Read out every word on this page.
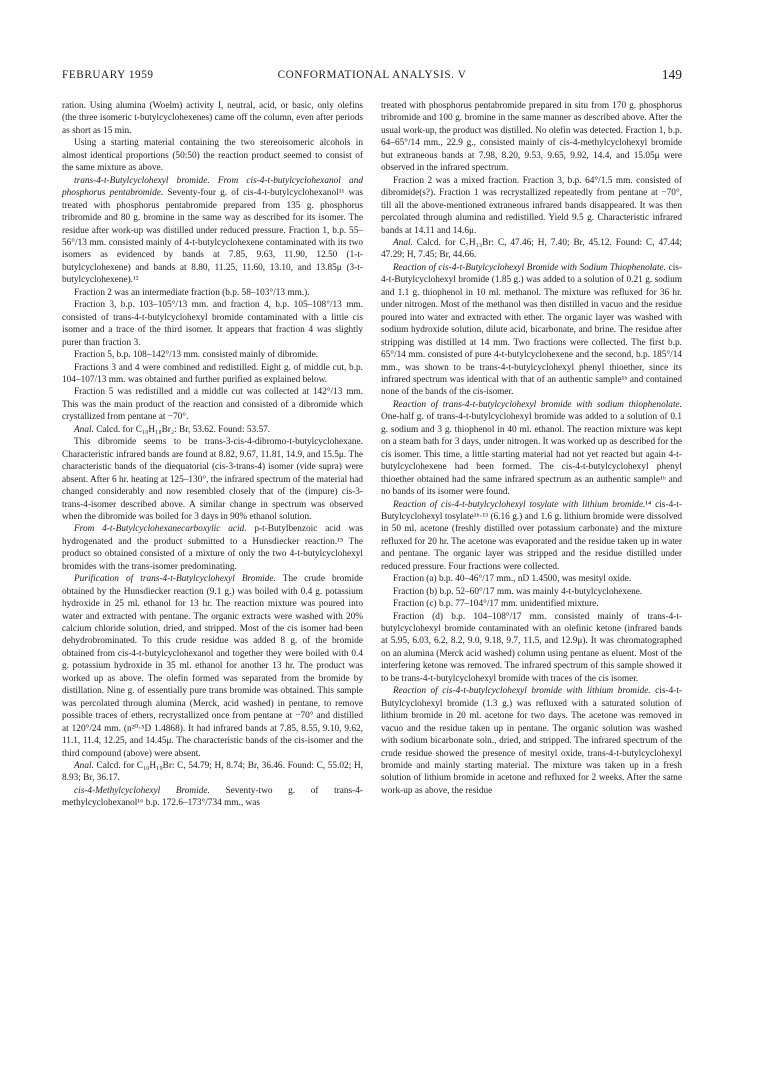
FEBRUARY 1959	CONFORMATIONAL ANALYSIS. V	149

ration. Using alumina (Woelm) activity I, neutral, acid, or basic, only olefins (the three isomeric t-butylcyclohexenes) came off the column, even after periods as short as 15 min.

Using a starting material containing the two stereoisomeric alcohols in almost identical proportions (50:50) the reaction product seemed to consist of the same mixture as above.

trans-4-t-Butylcyclohexyl bromide. From cis-4-t-butylcyclohexanol and phosphorus pentabromide. Seventy-four g. of cis-4-t-butylcyclohexanol¹¹ was treated with phosphorus pentabromide prepared from 135 g. phosphorus tribromide and 80 g. bromine in the same way as described for its isomer. The residue after work-up was distilled under reduced pressure. Fraction 1, b.p. 55–56°/13 mm. consisted mainly of 4-t-butylcyclohexene contaminated with its two isomers as evidenced by bands at 7.85, 9.63, 11.90, 12.50 (1-t-butylcyclohexene) and bands at 8.80, 11.25, 11.60, 13.10, and 13.85μ (3-t-butylcyclohexene).¹²

Fraction 2 was an intermediate fraction (b.p. 58–103°/13 mm.).

Fraction 3, b.p. 103–105°/13 mm. and fraction 4, b.p. 105–108°/13 mm. consisted of trans-4-t-butylcyclohexyl bromide contaminated with a little cis isomer and a trace of the third isomer. It appears that fraction 4 was slightly purer than fraction 3.

Fraction 5, b.p. 108–142°/13 mm. consisted mainly of dibromide.

Fractions 3 and 4 were combined and redistilled. Eight g. of middle cut, b.p. 104–107/13 mm. was obtained and further purified as explained below.

Fraction 5 was redistilled and a middle cut was collected at 142°/13 mm. This was the main product of the reaction and consisted of a dibromide which crystallized from pentane at −70°.

Anal. Calcd. for C₁₀H₁₈Br₂: Br, 53.62. Found: 53.57.

This dibromide seems to be trans-3-cis-4-dibromo-t-butylcyclohexane. Characteristic infrared bands are found at 8.82, 9.67, 11.81, 14.9, and 15.5μ. The characteristic bands of the diequatorial (cis-3-trans-4) isomer (vide supra) were absent. After 6 hr. heating at 125–130°, the infrared spectrum of the material had changed considerably and now resembled closely that of the (impure) cis-3-trans-4-isomer described above. A similar change in spectrum was observed when the dibromide was boiled for 3 days in 90% ethanol solution.

From 4-t-Butylcyclohexanecarboxylic acid. p-t-Butylbenzoic acid was hydrogenated and the product submitted to a Hunsdiecker reaction.¹⁵ The product so obtained consisted of a mixture of only the two 4-t-butylcyclohexyl bromides with the trans-isomer predominating.

Purification of trans-4-t-Butylcyclohexyl Bromide. The crude bromide obtained by the Hunsdiecker reaction (9.1 g.) was boiled with 0.4 g. potassium hydroxide in 25 ml. ethanol for 13 hr. The reaction mixture was poured into water and extracted with pentane. The organic extracts were washed with 20% calcium chloride solution, dried, and stripped. Most of the cis isomer had been dehydrobrominated. To this crude residue was added 8 g. of the bromide obtained from cis-4-t-butylcyclohexanol and together they were boiled with 0.4 g. potassium hydroxide in 35 ml. ethanol for another 13 hr. The product was worked up as above. The olefin formed was separated from the bromide by distillation. Nine g. of essentially pure trans bromide was obtained. This sample was percolated through alumina (Merck, acid washed) in pentane, to remove possible traces of ethers, recrystallized once from pentane at −70° and distilled at 120°/24 mm. (n²⁰·⁵D 1.4868). It had infrared bands at 7.85, 8.55, 9.10, 9.62, 11.1, 11.4, 12.25, and 14.45μ. The characteristic bands of the cis-isomer and the third compound (above) were absent.

Anal. Calcd. for C₁₀H₁₉Br: C, 54.79; H, 8.74; Br, 36.46. Found: C, 55.02; H, 8.93; Br, 36.17.

cis-4-Methylcyclohexyl Bromide. Seventy-two g. of trans-4-methylcyclohexanol¹⁶ b.p. 172.6–173°/734 mm., was

treated with phosphorus pentabromide prepared in situ from 170 g. phosphorus tribromide and 100 g. bromine in the same manner as described above. After the usual work-up, the product was distilled. No olefin was detected. Fraction 1, b.p. 64–65°/14 mm., 22.9 g., consisted mainly of cis-4-methylcyclohexyl bromide but extraneous bands at 7.98, 8.20, 9.53, 9.65, 9.92, 14.4, and 15.05μ were observed in the infrared spectrum.

Fraction 2 was a mixed fraction. Fraction 3, b.p. 64°/1.5 mm. consisted of dibromide(s?). Fraction 1 was recrystallized repeatedly from pentane at −70°, till all the above-mentioned extraneous infrared bands disappeared. It was then percolated through alumina and redistilled. Yield 9.5 g. Characteristic infrared bands at 14.11 and 14.6μ.

Anal. Calcd. for C₇H₁₃Br: C, 47.46; H, 7.40; Br, 45.12. Found: C, 47.44; 47.29; H, 7.45; Br, 44.66.

Reaction of cis-4-t-Butylcyclohexyl Bromide with Sodium Thiophenolate. cis-4-t-Butylcyclohexyl bromide (1.85 g.) was added to a solution of 0.21 g. sodium and 1.1 g. thiophenol in 10 ml. methanol. The mixture was refluxed for 36 hr. under nitrogen. Most of the methanol was then distilled in vacuo and the residue poured into water and extracted with ether. The organic layer was washed with sodium hydroxide solution, dilute acid, bicarbonate, and brine. The residue after stripping was distilled at 14 mm. Two fractions were collected. The first b.p. 65°/14 mm. consisted of pure 4-t-butylcyclohexene and the second, b.p. 185°/14 mm., was shown to be trans-4-t-butylcyclohexyl phenyl thioether, since its infrared spectrum was identical with that of an authentic sample¹ᵇ and contained none of the bands of the cis-isomer.

Reaction of trans-4-t-butylcyclohexyl bromide with sodium thiophenolate. One-half g. of trans-4-t-butylcyclohexyl bromide was added to a solution of 0.1 g. sodium and 3 g. thiophenol in 40 ml. ethanol. The reaction mixture was kept on a steam bath for 3 days, under nitrogen. It was worked up as described for the cis isomer. This time, a little starting material had not yet reacted but again 4-t-butylcyclohexene had been formed. The cis-4-t-butylcyclohexyl phenyl thioether obtained had the same infrared spectrum as an authentic sample¹ᵇ and no bands of its isomer were found.

Reaction of cis-4-t-butylcyclohexyl tosylate with lithium bromide.¹⁴ cis-4-t-Butylcyclohexyl tosylate¹ᵇ·¹³ (6.16 g.) and 1.6 g. lithium bromide were dissolved in 50 ml. acetone (freshly distilled over potassium carbonate) and the mixture refluxed for 20 hr. The acetone was evaporated and the residue taken up in water and pentane. The organic layer was stripped and the residue distilled under reduced pressure. Four fractions were collected.

Fraction (a) b.p. 40–46°/17 mm., nD 1.4500, was mesityl oxide.

Fraction (b) b.p. 52–60°/17 mm. was mainly 4-t-butylcyclohexene.

Fraction (c) b.p. 77–104°/17 mm. unidentified mixture.

Fraction (d) b.p. 104–108°/17 mm. consisted mainly of trans-4-t-butylcyclohexyl bromide contaminated with an olefinic ketone (infrared bands at 5.95, 6.03, 6.2, 8.2, 9.0, 9.18, 9.7, 11.5, and 12.9μ). It was chromatographed on an alumina (Merck acid washed) column using pentane as eluent. Most of the interfering ketone was removed. The infrared spectrum of this sample showed it to be trans-4-t-butylcyclohexyl bromide with traces of the cis isomer.

Reaction of cis-4-t-butylcyclohexyl bromide with lithium bromide. cis-4-t-Butylcyclohexyl bromide (1.3 g.) was refluxed with a saturated solution of lithium bromide in 20 ml. acetone for two days. The acetone was removed in vacuo and the residue taken up in pentane. The organic solution was washed with sodium bicarbonate soln., dried, and stripped. The infrared spectrum of the crude residue showed the presence of mesityl oxide, trans-4-t-butylcyclohexyl bromide and mainly starting material. The mixture was taken up in a fresh solution of lithium bromide in acetone and refluxed for 2 weeks. After the same work-up as above, the residue
